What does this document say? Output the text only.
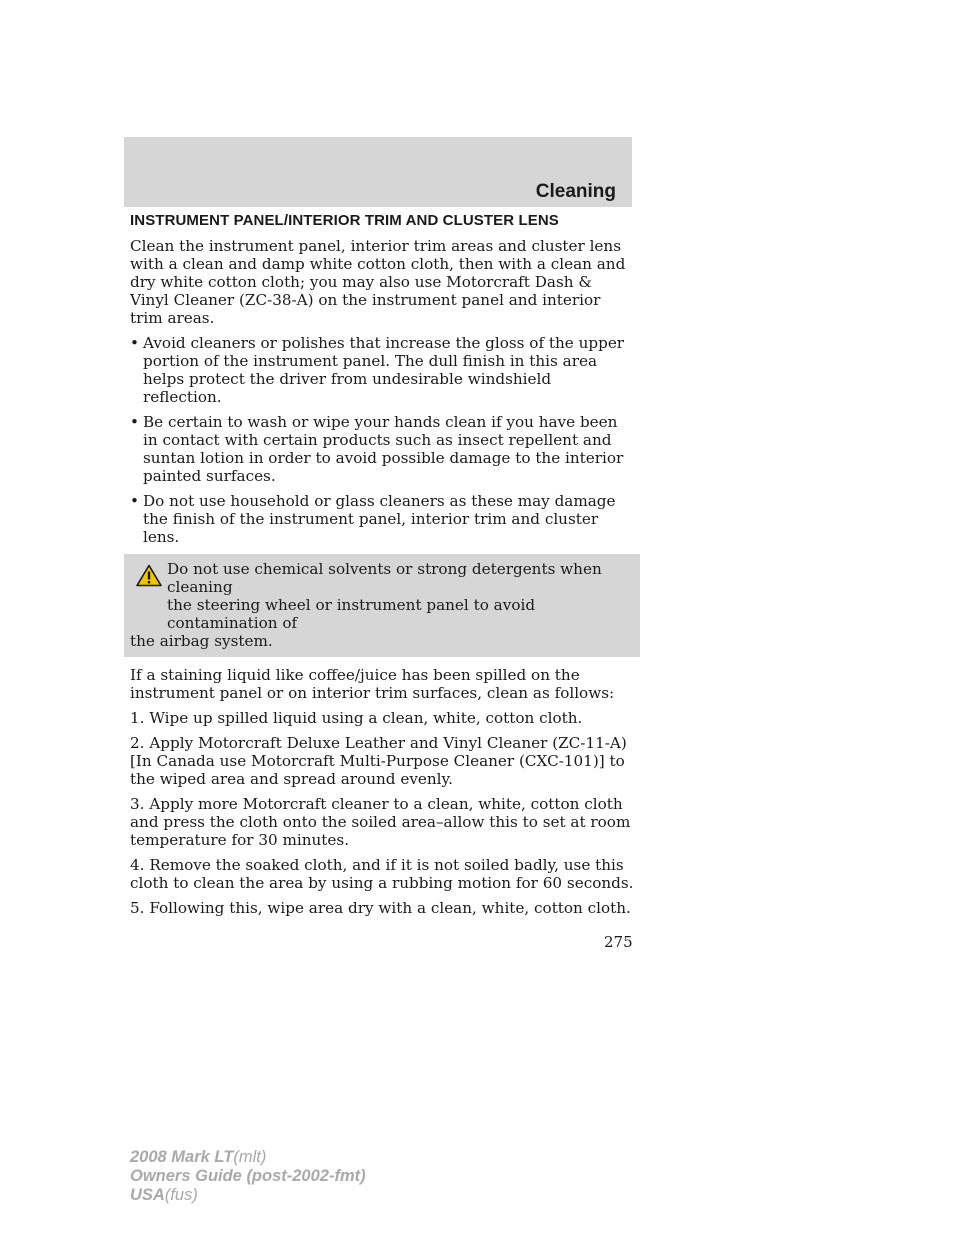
Cleaning
INSTRUMENT PANEL/INTERIOR TRIM AND CLUSTER LENS

Clean the instrument panel, interior trim areas and cluster lens with a clean and damp white cotton cloth, then with a clean and dry white cotton cloth; you may also use Motorcraft Dash & Vinyl Cleaner (ZC-38-A) on the instrument panel and interior trim areas.

• Avoid cleaners or polishes that increase the gloss of the upper portion of the instrument panel. The dull finish in this area helps protect the driver from undesirable windshield reflection.
• Be certain to wash or wipe your hands clean if you have been in contact with certain products such as insect repellent and suntan lotion in order to avoid possible damage to the interior painted surfaces.
• Do not use household or glass cleaners as these may damage the finish of the instrument panel, interior trim and cluster lens.
Do not use chemical solvents or strong detergents when cleaning
the steering wheel or instrument panel to avoid contamination of
the airbag system.

If a staining liquid like coffee/juice has been spilled on the instrument panel or on interior trim surfaces, clean as follows:

1. Wipe up spilled liquid using a clean, white, cotton cloth.

2. Apply Motorcraft Deluxe Leather and Vinyl Cleaner (ZC-11-A) [In Canada use Motorcraft Multi-Purpose Cleaner (CXC-101)] to the wiped area and spread around evenly.

3. Apply more Motorcraft cleaner to a clean, white, cotton cloth and press the cloth onto the soiled area–allow this to set at room temperature for 30 minutes.

4. Remove the soaked cloth, and if it is not soiled badly, use this cloth to clean the area by using a rubbing motion for 60 seconds.

5. Following this, wipe area dry with a clean, white, cotton cloth.

275
2008 Mark LT(mlt)
Owners Guide (post-2002-fmt)
USA(fus)
